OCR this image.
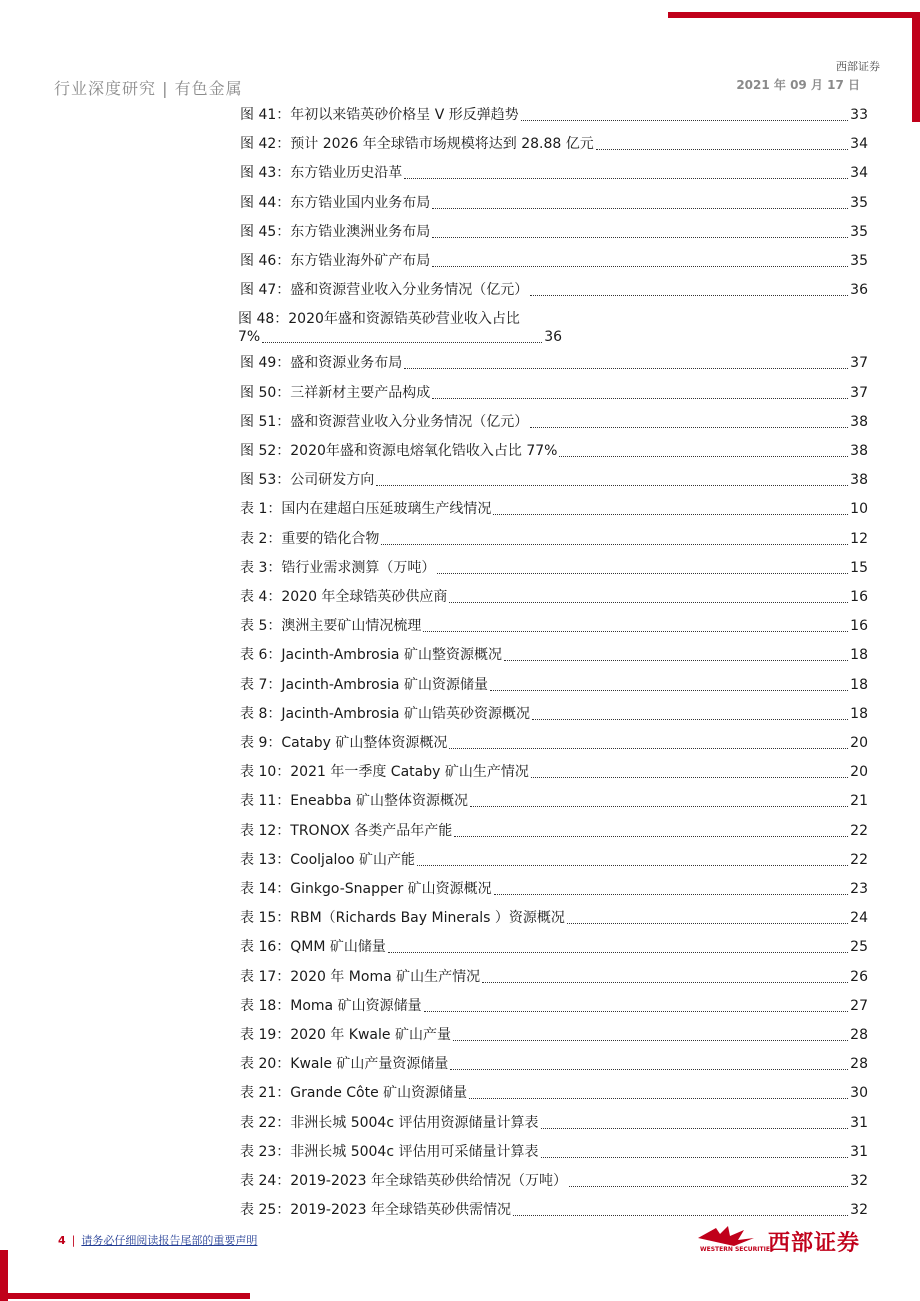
西部证券
行业深度研究 | 有色金属	2021 年 09 月 17 日
图 41：年初以来锆英砂价格呈 V 形反弹趋势	33
图 42：预计 2026 年全球锆市场规模将达到 28.88 亿元	34
图 43：东方锆业历史沿革	34
图 44：东方锆业国内业务布局	35
图 45：东方锆业澳洲业务布局	35
图 46：东方锆业海外矿产布局	35
图 47：盛和资源营业收入分业务情况（亿元）	36
图 48：2020年盛和资源锆英砂营业收入占比
7%	36
图 49：盛和资源业务布局	37
图 50：三祥新材主要产品构成	37
图 51：盛和资源营业收入分业务情况（亿元）	38
图 52：2020年盛和资源电熔氧化锆收入占比 77%	38
图 53：公司研发方向	38
表 1：国内在建超白压延玻璃生产线情况	10
表 2：重要的锆化合物	12
表 3：锆行业需求测算（万吨）	15
表 4：2020 年全球锆英砂供应商	16
表 5：澳洲主要矿山情况梳理	16
表 6：Jacinth-Ambrosia 矿山整资源概况	18
表 7：Jacinth-Ambrosia 矿山资源储量	18
表 8：Jacinth-Ambrosia 矿山锆英砂资源概况	18
表 9：Cataby 矿山整体资源概况	20
表 10：2021 年一季度 Cataby 矿山生产情况	20
表 11：Eneabba 矿山整体资源概况	21
表 12：TRONOX 各类产品年产能	22
表 13：Cooljaloo 矿山产能	22
表 14：Ginkgo-Snapper 矿山资源概况	23
表 15：RBM（Richards Bay Minerals ）资源概况	24
表 16：QMM 矿山储量	25
表 17：2020 年 Moma 矿山生产情况	26
表 18：Moma 矿山资源储量	27
表 19：2020 年 Kwale 矿山产量	28
表 20：Kwale 矿山产量资源储量	28
表 21：Grande Côte 矿山资源储量	30
表 22：非洲长城 5004c 评估用资源储量计算表	31
表 23：非洲长城 5004c 评估用可采储量计算表	31
表 24：2019-2023 年全球锆英砂供给情况（万吨）	32
表 25：2019-2023 年全球锆英砂供需情况	32
4 | 请务必仔细阅读报告尾部的重要声明
WESTERN SECURITIES
西部证券
